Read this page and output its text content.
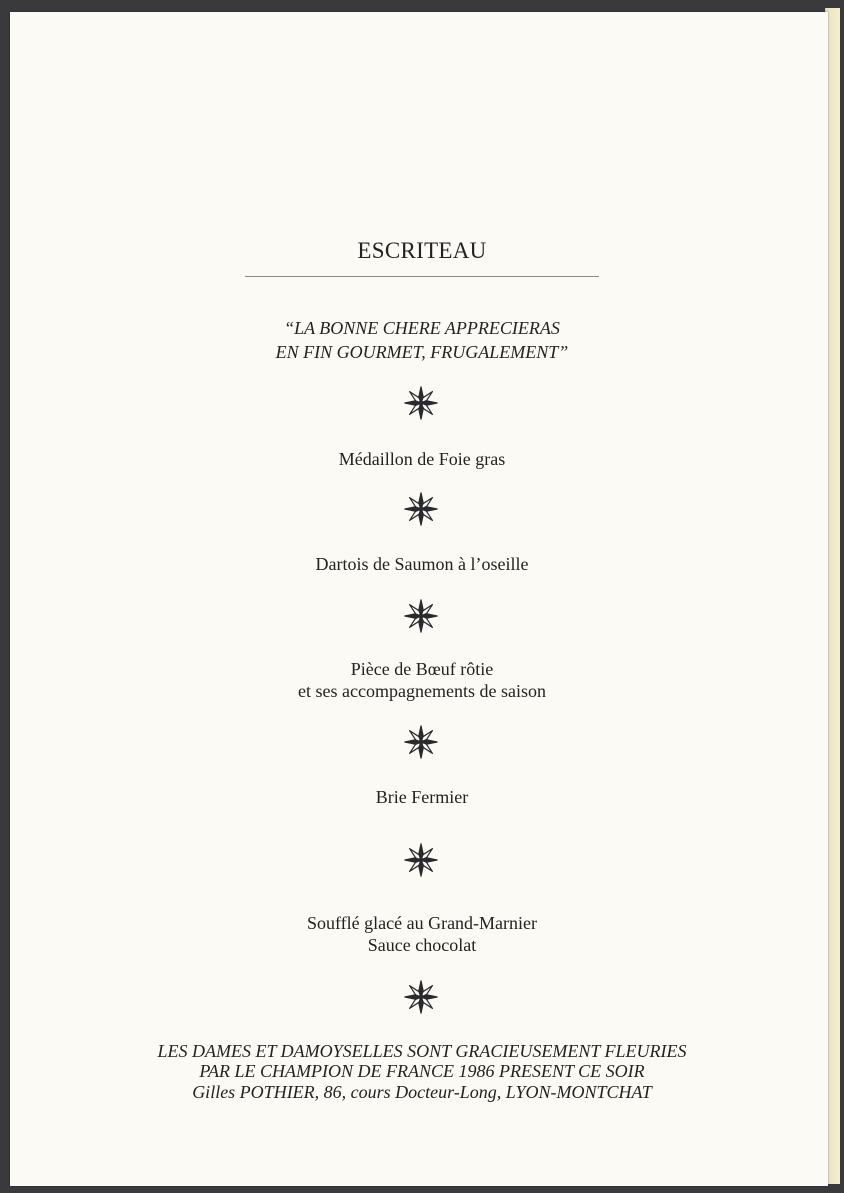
ESCRITEAU
“LA BONNE CHERE APPRECIERAS
EN FIN GOURMET, FRUGALEMENT”
Médaillon de Foie gras
Dartois de Saumon à l’oseille
Pièce de Bœuf rôtie
et ses accompagnements de saison
Brie Fermier
Soufflé glacé au Grand-Marnier
Sauce chocolat
LES DAMES ET DAMOYSELLES SONT GRACIEUSEMENT FLEURIES
PAR LE CHAMPION DE FRANCE 1986 PRESENT CE SOIR
Gilles POTHIER, 86, cours Docteur-Long, LYON-MONTCHAT
